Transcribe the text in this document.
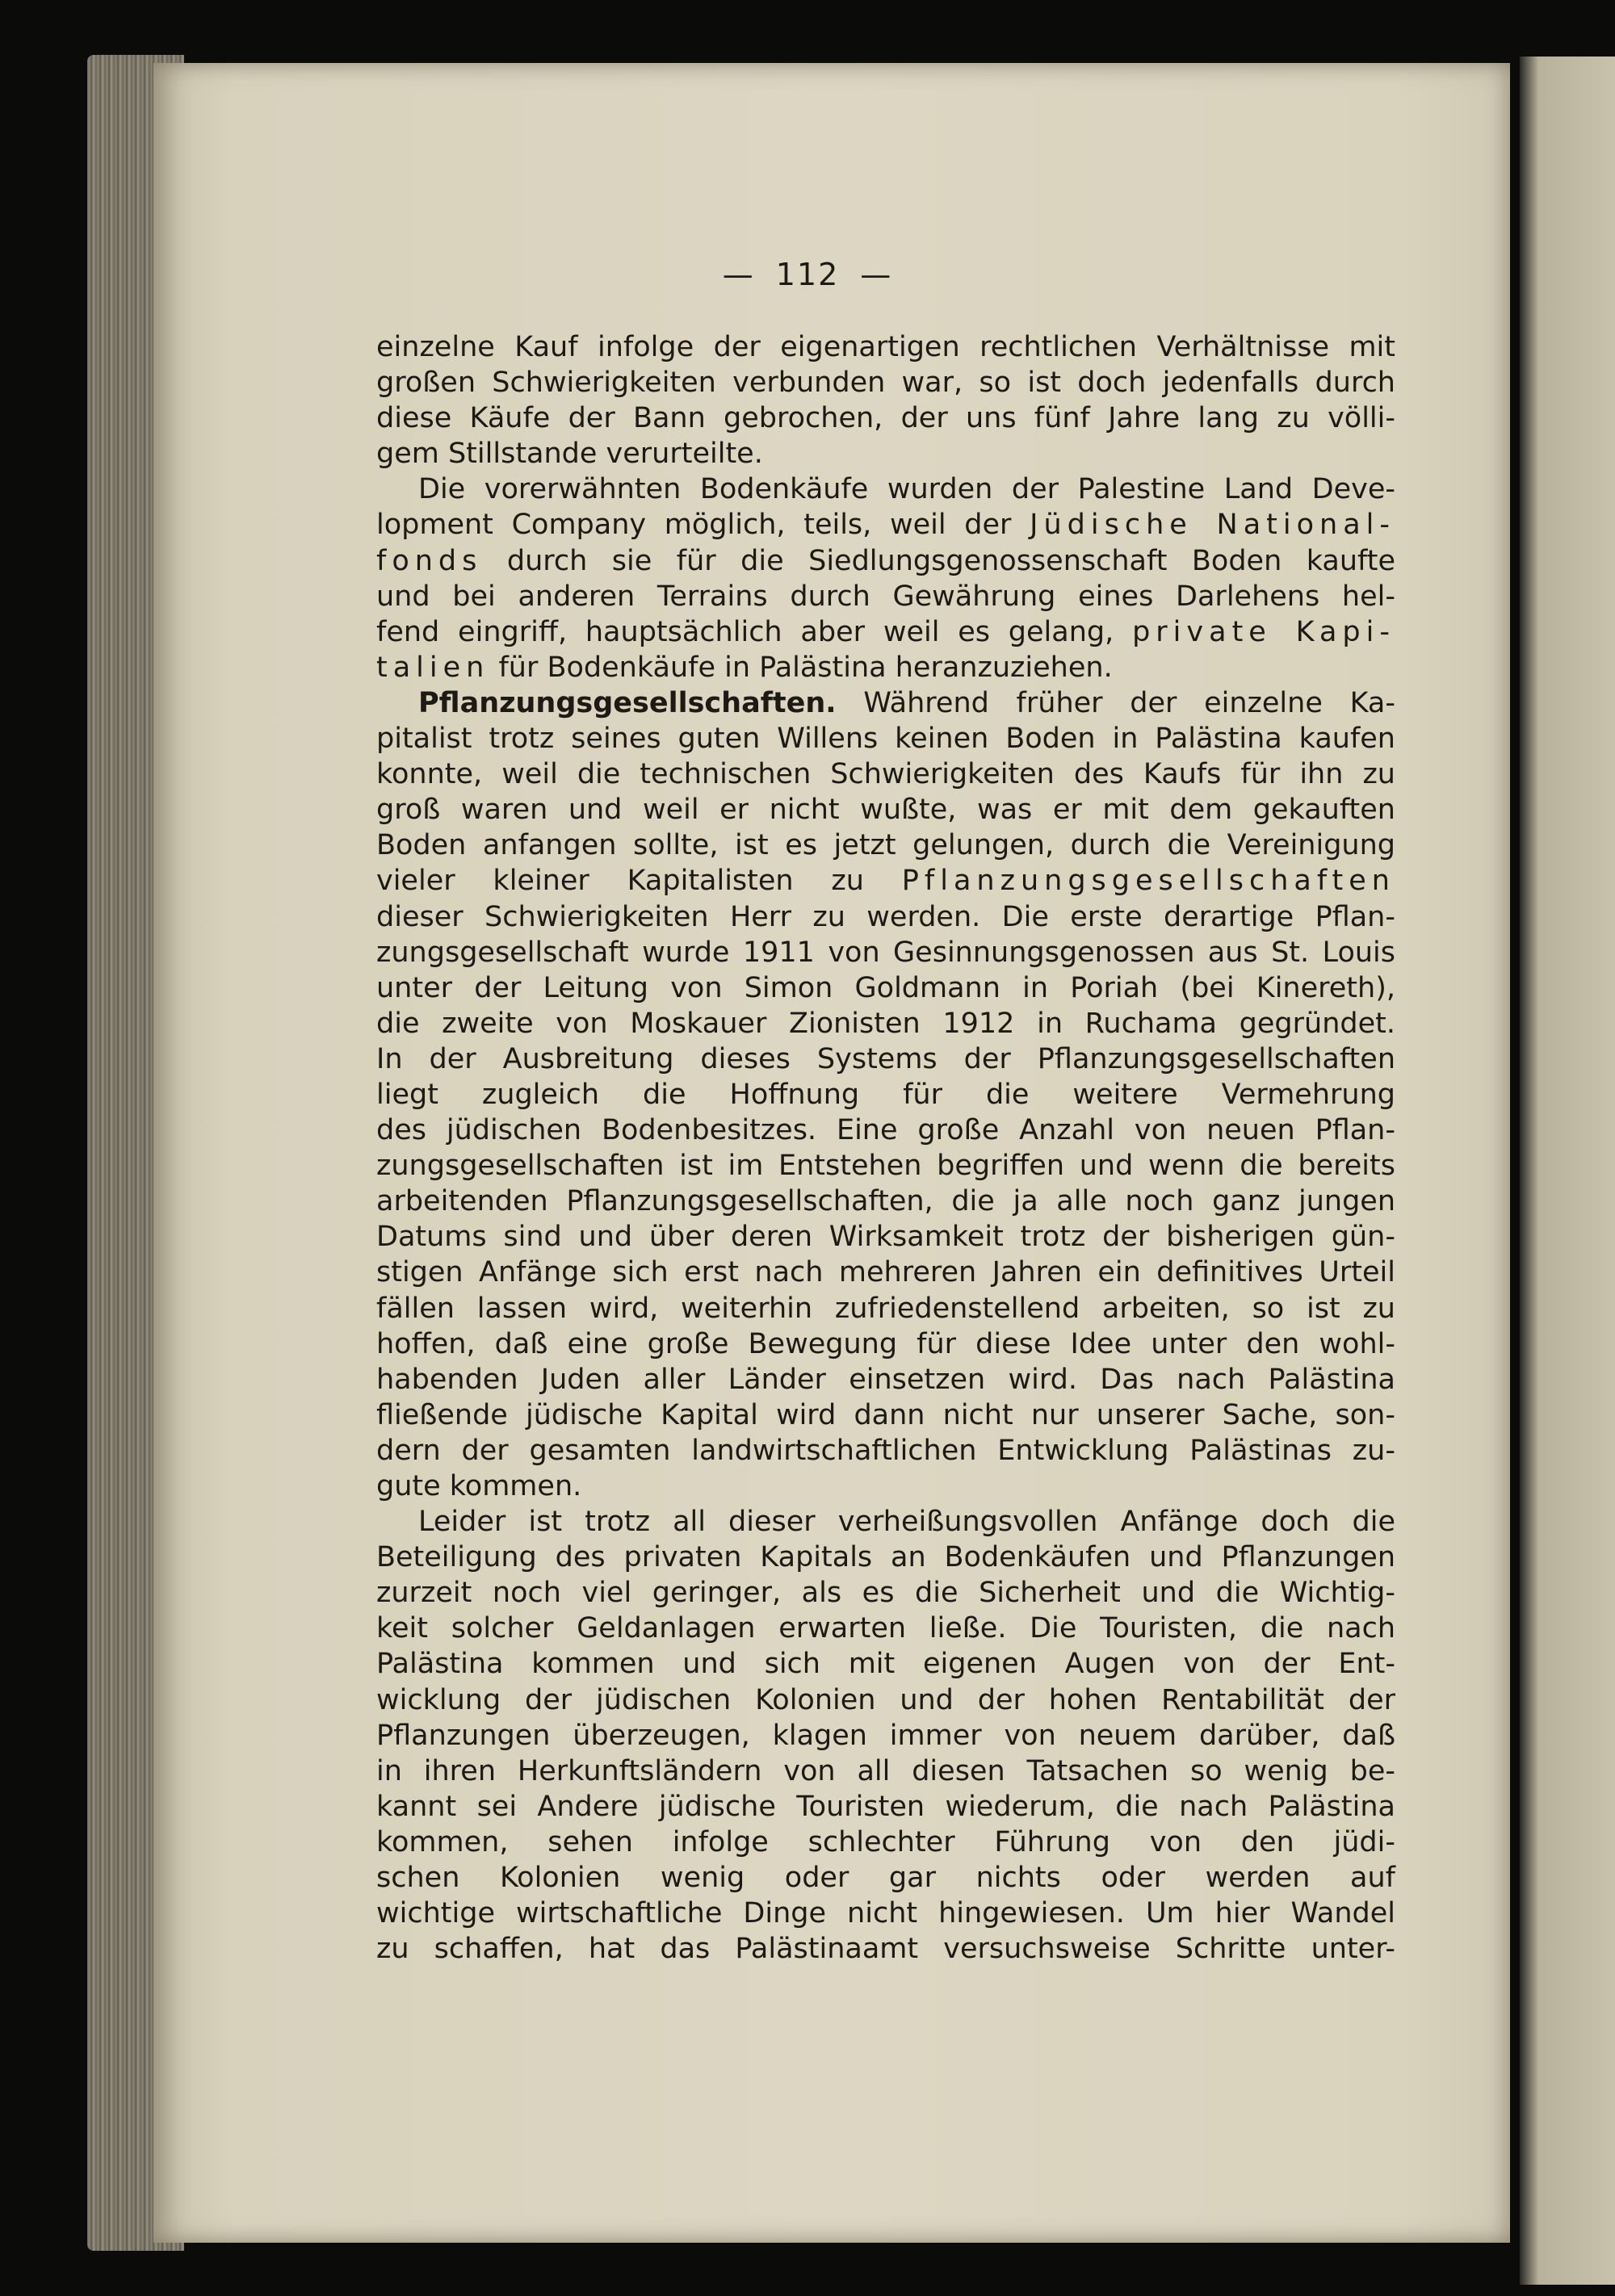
— 112 —
einzelne Kauf infolge der eigenartigen rechtlichen Verhältnisse mit
großen Schwierigkeiten verbunden war, so ist doch jedenfalls durch
diese Käufe der Bann gebrochen, der uns fünf Jahre lang zu völli-
gem Stillstande verurteilte.
Die vorerwähnten Bodenkäufe wurden der Palestine Land Deve-
lopment Company möglich, teils, weil der Jüdische National-
fonds durch sie für die Siedlungsgenossenschaft Boden kaufte
und bei anderen Terrains durch Gewährung eines Darlehens hel-
fend eingriff, hauptsächlich aber weil es gelang, private Kapi-
talien für Bodenkäufe in Palästina heranzuziehen.
Pflanzungsgesellschaften. Während früher der einzelne Ka-
pitalist trotz seines guten Willens keinen Boden in Palästina kaufen
konnte, weil die technischen Schwierigkeiten des Kaufs für ihn zu
groß waren und weil er nicht wußte, was er mit dem gekauften
Boden anfangen sollte, ist es jetzt gelungen, durch die Vereinigung
vieler kleiner Kapitalisten zu Pflanzungsgesellschaften
dieser Schwierigkeiten Herr zu werden. Die erste derartige Pflan-
zungsgesellschaft wurde 1911 von Gesinnungsgenossen aus St. Louis
unter der Leitung von Simon Goldmann in Poriah (bei Kinereth),
die zweite von Moskauer Zionisten 1912 in Ruchama gegründet.
In der Ausbreitung dieses Systems der Pflanzungsgesellschaften
liegt zugleich die Hoffnung für die weitere Vermehrung
des jüdischen Bodenbesitzes. Eine große Anzahl von neuen Pflan-
zungsgesellschaften ist im Entstehen begriffen und wenn die bereits
arbeitenden Pflanzungsgesellschaften, die ja alle noch ganz jungen
Datums sind und über deren Wirksamkeit trotz der bisherigen gün-
stigen Anfänge sich erst nach mehreren Jahren ein definitives Urteil
fällen lassen wird, weiterhin zufriedenstellend arbeiten, so ist zu
hoffen, daß eine große Bewegung für diese Idee unter den wohl-
habenden Juden aller Länder einsetzen wird. Das nach Palästina
fließende jüdische Kapital wird dann nicht nur unserer Sache, son-
dern der gesamten landwirtschaftlichen Entwicklung Palästinas zu-
gute kommen.
Leider ist trotz all dieser verheißungsvollen Anfänge doch die
Beteiligung des privaten Kapitals an Bodenkäufen und Pflanzungen
zurzeit noch viel geringer, als es die Sicherheit und die Wichtig-
keit solcher Geldanlagen erwarten ließe. Die Touristen, die nach
Palästina kommen und sich mit eigenen Augen von der Ent-
wicklung der jüdischen Kolonien und der hohen Rentabilität der
Pflanzungen überzeugen, klagen immer von neuem darüber, daß
in ihren Herkunftsländern von all diesen Tatsachen so wenig be-
kannt sei Andere jüdische Touristen wiederum, die nach Palästina
kommen, sehen infolge schlechter Führung von den jüdi-
schen Kolonien wenig oder gar nichts oder werden auf
wichtige wirtschaftliche Dinge nicht hingewiesen. Um hier Wandel
zu schaffen, hat das Palästinaamt versuchsweise Schritte unter-
